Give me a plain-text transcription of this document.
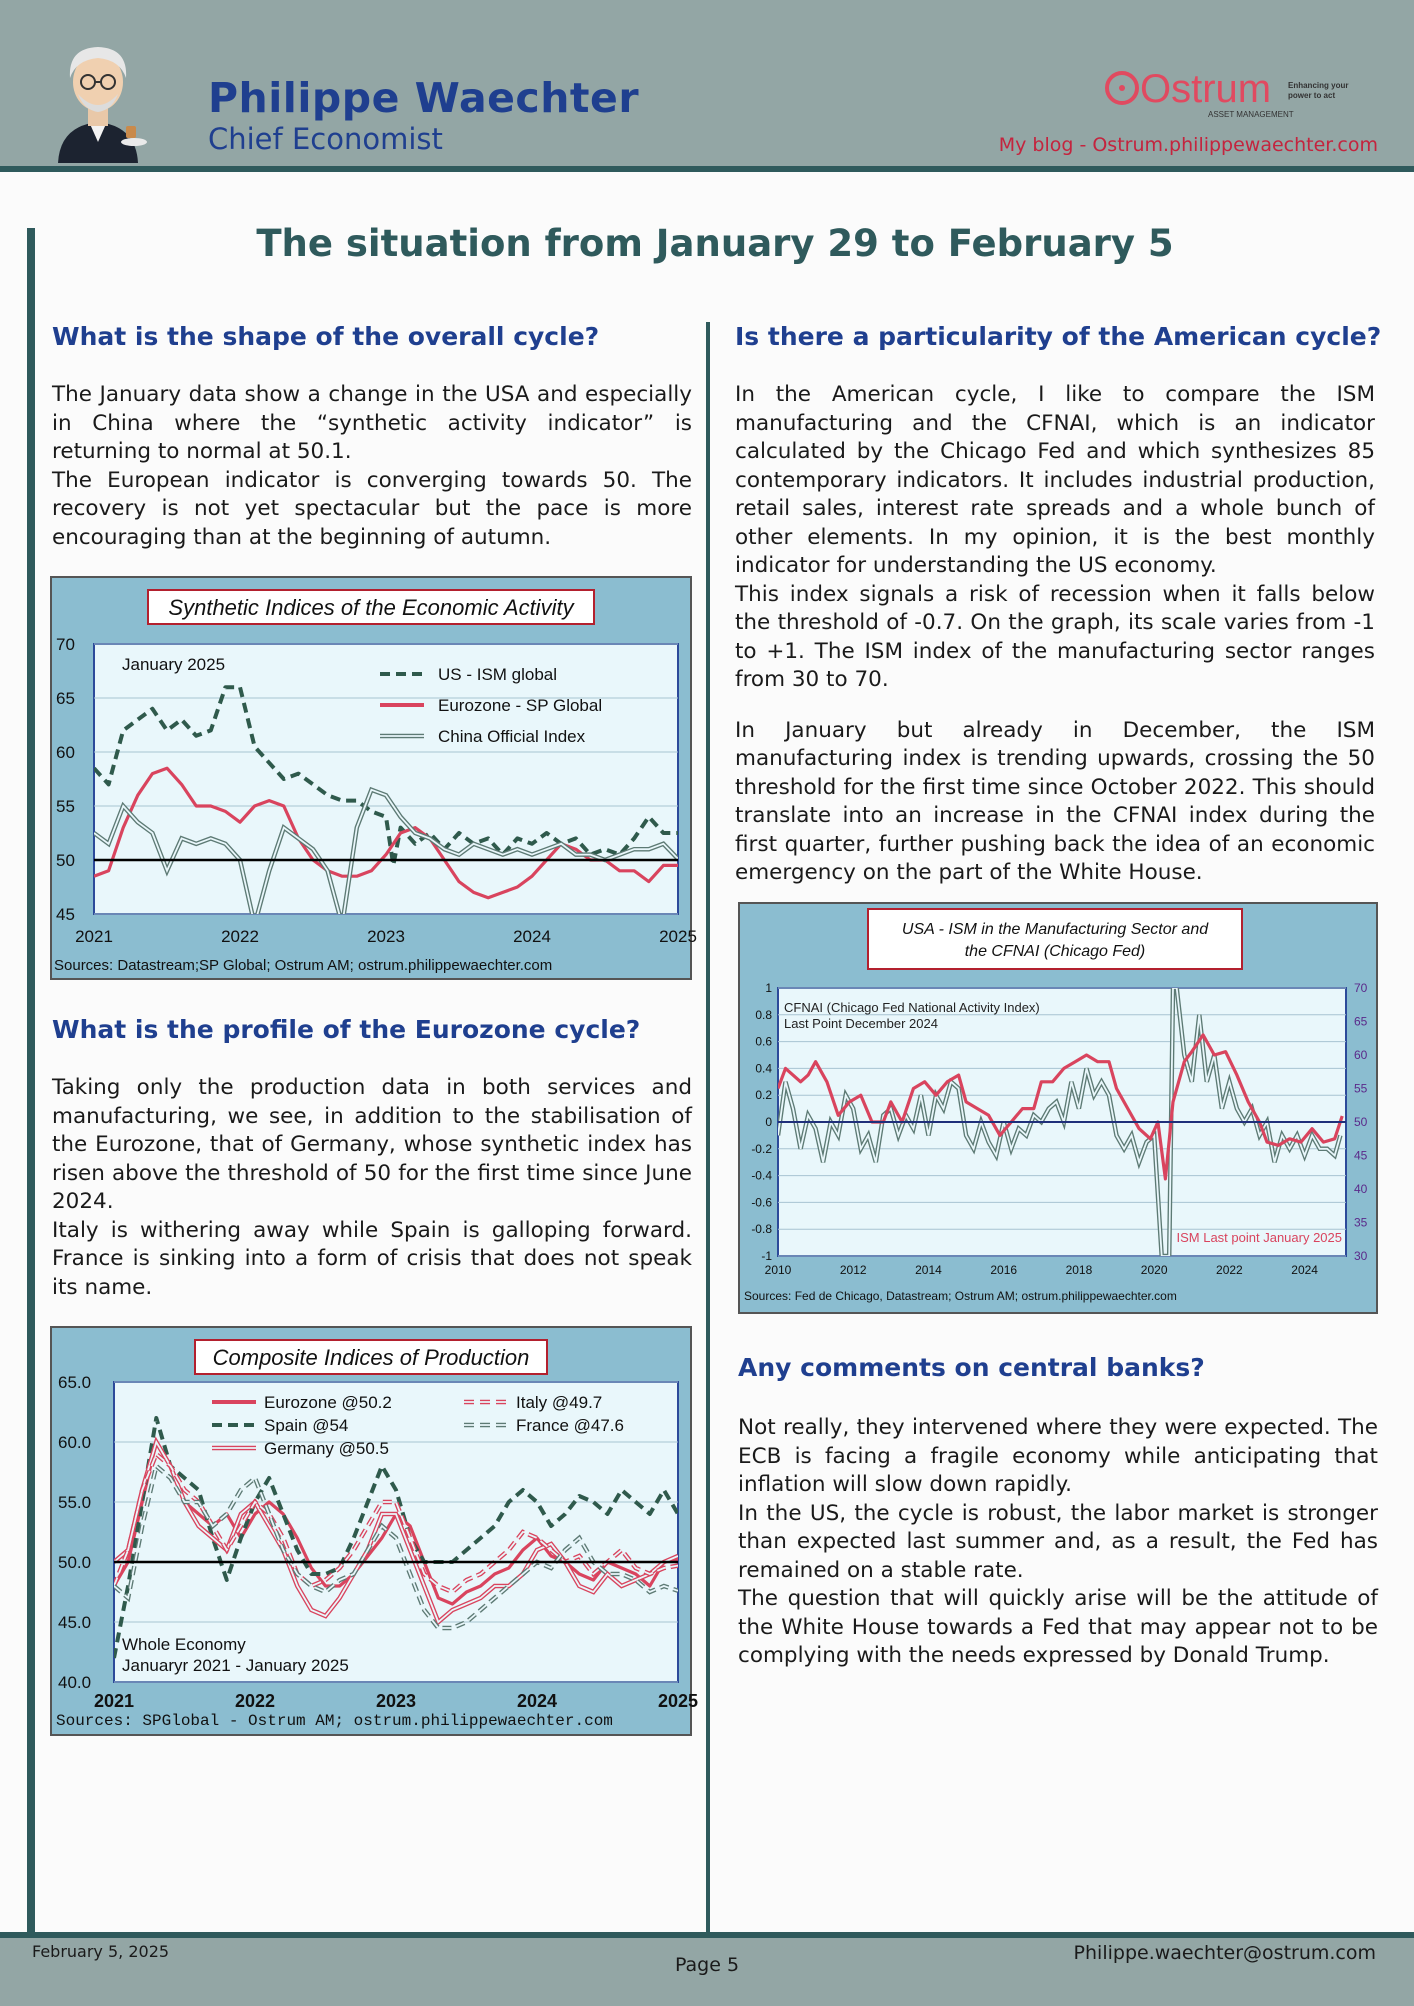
Philippe Waechter
Chief Economist
Ostrum
ASSET MANAGEMENT
Enhancing your
power to act
My blog - Ostrum.philippewaechter.com
The situation from January 29 to February 5
What is the shape of the overall cycle?

The January data show a change in the USA and especially in China where the “synthetic activity indicator” is returning to normal at 50.1.

The European indicator is converging towards 50. The recovery is not yet spectacular but the pace is more encouraging than at the beginning of autumn.

70
65
60
55
50
45
2021	2022	2023	2024	2025
Synthetic Indices of the Economic Activity
January 2025
US - ISM global
Eurozone - SP Global
China Official Index
Sources: Datastream;SP Global; Ostrum AM; ostrum.philippewaechter.com
What is the profile of the Eurozone cycle?

Taking only the production data in both services and manufacturing, we see, in addition to the stabilisation of the Eurozone, that of Germany, whose synthetic index has risen above the threshold of 50 for the first time since June 2024.

Italy is withering away while Spain is galloping forward. France is sinking into a form of crisis that does not speak its name.

65.0
60.0
55.0
50.0
45.0
40.0
2021	2022	2023	2024	2025
Composite Indices of Production
Eurozone @50.2
Spain @54
Germany @50.5
Italy @49.7
France @47.6
Whole Economy
Januaryr 2021 - January 2025
Sources: SPGlobal - Ostrum AM; ostrum.philippewaechter.com
Is there a particularity of the American cycle?

In the American cycle, I like to compare the ISM manufacturing and the CFNAI, which is an indicator calculated by the Chicago Fed and which synthesizes 85 contemporary indicators. It includes industrial production, retail sales, interest rate spreads and a whole bunch of other elements. In my opinion, it is the best monthly indicator for understanding the US economy.

This index signals a risk of recession when it falls below the threshold of -0.7. On the graph, its scale varies from -1 to +1. The ISM index of the manufacturing sector ranges from 30 to 70.

In January but already in December, the ISM manufacturing index is trending upwards, crossing the 50 threshold for the first time since October 2022. This should translate into an increase in the CFNAI index during the first quarter, further pushing back the idea of an economic emergency on the part of the White House.

1
0.8
0.6
0.4
0.2
0
-0.2
-0.4
-0.6
-0.8
-1
70
65
60
55
50
45
40
35
30
2010	2012	2014	2016	2018	2020	2022	2024
USA - ISM in the Manufacturing Sector and
the CFNAI (Chicago Fed)
CFNAI (Chicago Fed National Activity Index)
Last Point December 2024
ISM Last point January 2025
Sources: Fed de Chicago, Datastream; Ostrum AM; ostrum.philippewaechter.com
Any comments on central banks?

Not really, they intervened where they were expected. The ECB is facing a fragile economy while anticipating that inflation will slow down rapidly.

In the US, the cycle is robust, the labor market is stronger than expected last summer and, as a result, the Fed has remained on a stable rate.

The question that will quickly arise will be the attitude of the White House towards a Fed that may appear not to be complying with the needs expressed by Donald Trump.

February 5, 2025
Page 5
Philippe.waechter@ostrum.com
